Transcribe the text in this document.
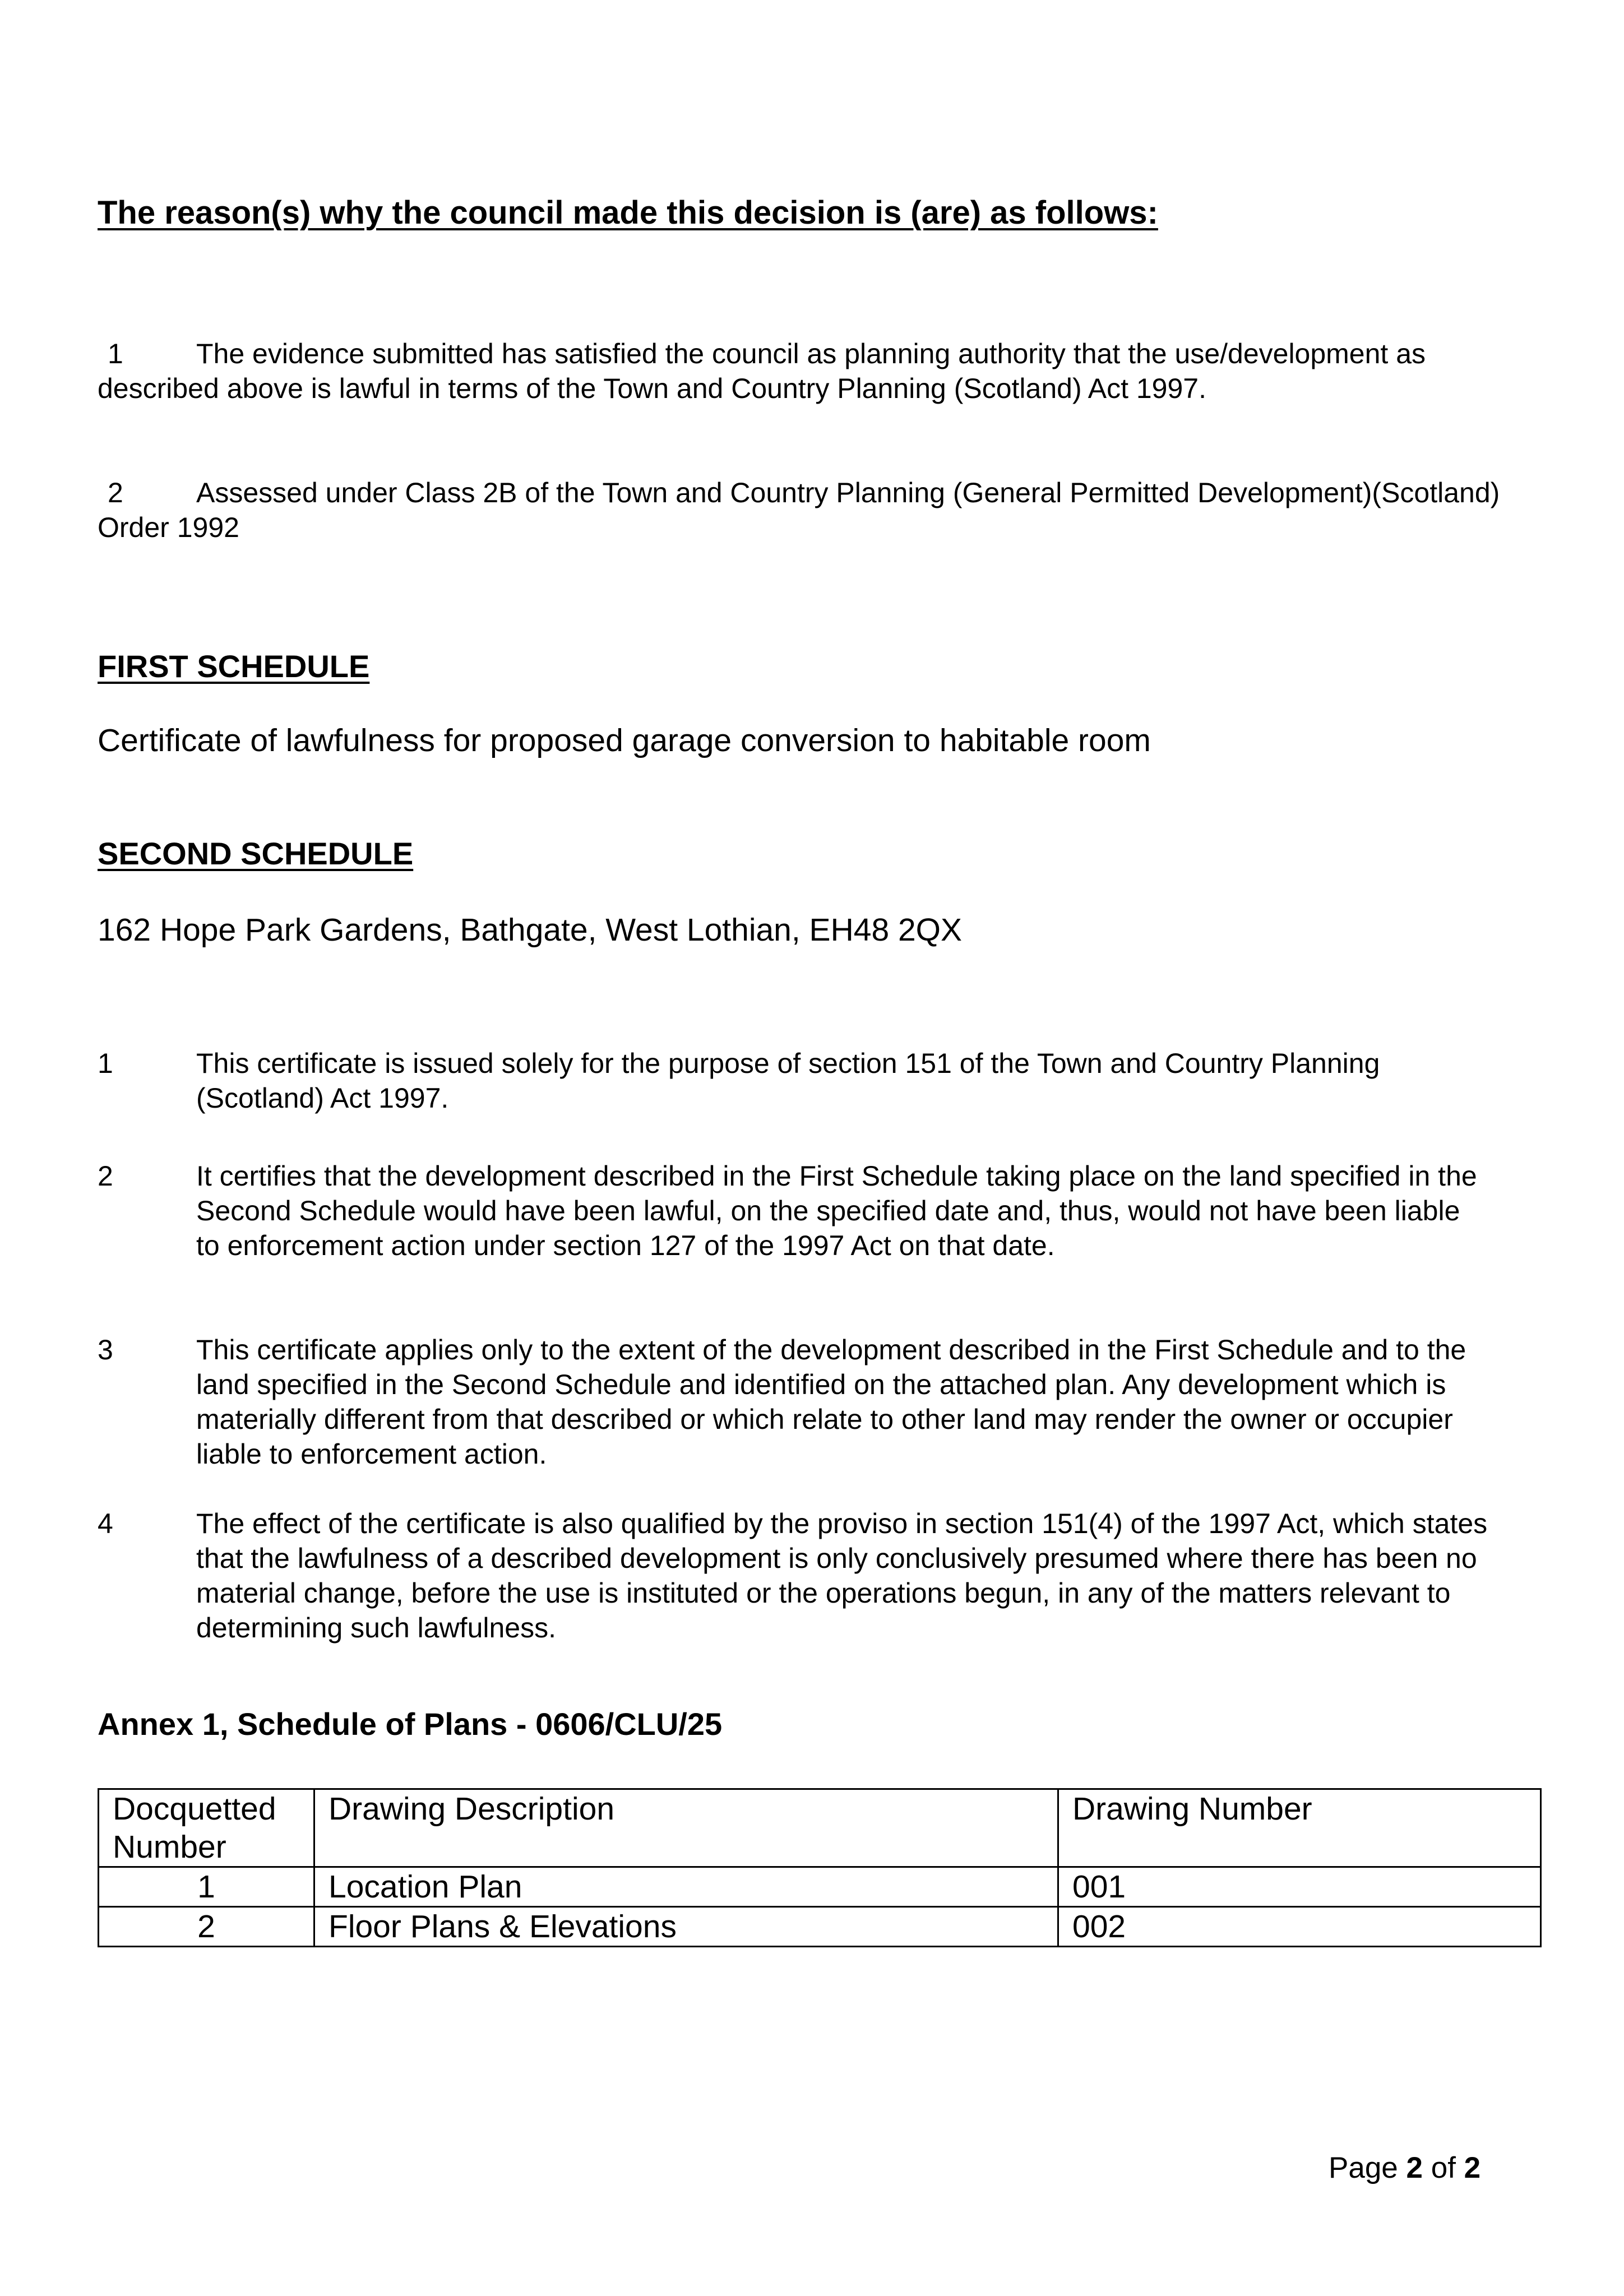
The reason(s) why the council made this decision is (are) as follows:

1	The evidence submitted has satisfied the council as planning authority that the use/development as described above is lawful in terms of the Town and Country Planning (Scotland) Act 1997.

2	Assessed under Class 2B of the Town and Country Planning (General Permitted Development)(Scotland) Order 1992

FIRST SCHEDULE

Certificate of lawfulness for proposed garage conversion to habitable room

SECOND SCHEDULE

162 Hope Park Gardens, Bathgate, West Lothian, EH48 2QX

1	This certificate is issued solely for the purpose of section 151 of the Town and Country Planning (Scotland) Act 1997.
2	It certifies that the development described in the First Schedule taking place on the land specified in the Second Schedule would have been lawful, on the specified date and, thus, would not have been liable to enforcement action under section 127 of the 1997 Act on that date.
3	This certificate applies only to the extent of the development described in the First Schedule and to the land specified in the Second Schedule and identified on the attached plan. Any development which is materially different from that described or which relate to other land may render the owner or occupier liable to enforcement action.
4	The effect of the certificate is also qualified by the proviso in section 151(4) of the 1997 Act, which states that the lawfulness of a described development is only conclusively presumed where there has been no material change, before the use is instituted or the operations begun, in any of the matters relevant to determining such lawfulness.
Annex 1, Schedule of Plans - 0606/CLU/25
Docquetted Number	Drawing Description	Drawing Number
1	Location Plan	001
2	Floor Plans & Elevations	002

Page 2 of 2
